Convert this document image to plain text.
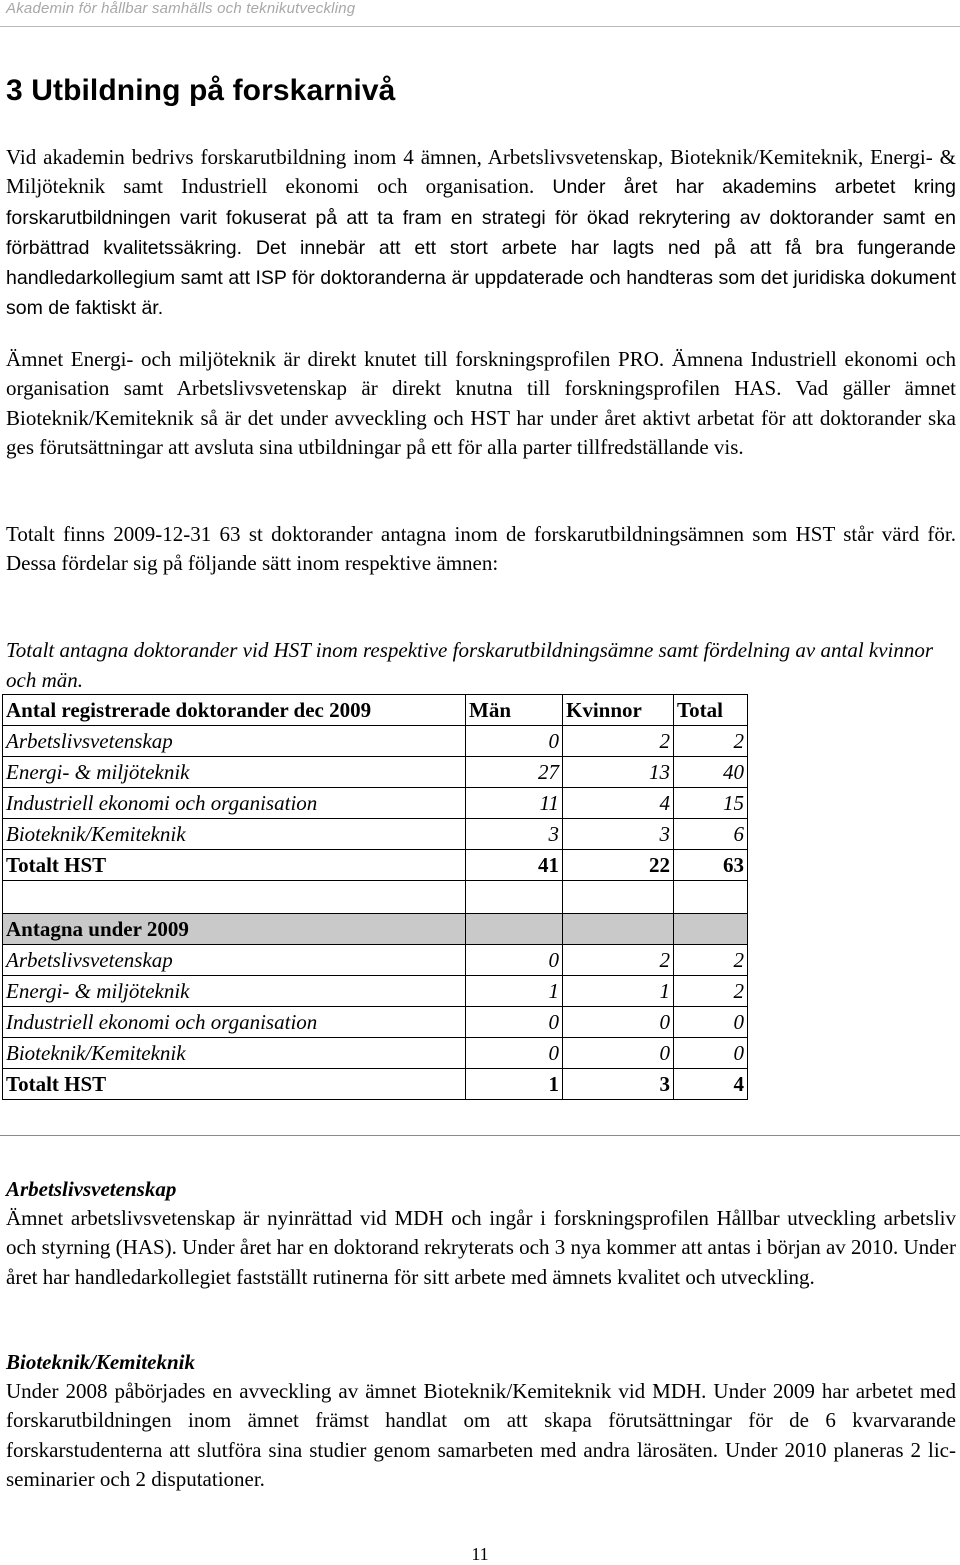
Akademin för hållbar samhälls och teknikutveckling
3 Utbildning på forskarnivå

Vid akademin bedrivs forskarutbildning inom 4 ämnen, Arbetslivsvetenskap, Bioteknik/Kemiteknik, Energi- & Miljöteknik samt Industriell ekonomi och organisation. Under året har akademins arbetet kring forskarutbildningen varit fokuserat på att ta fram en strategi för ökad rekrytering av doktorander samt en förbättrad kvalitetssäkring. Det innebär att ett stort arbete har lagts ned på att få bra fungerande handledarkollegium samt att ISP för doktoranderna är uppdaterade och handteras som det juridiska dokument som de faktiskt är.

Ämnet Energi- och miljöteknik är direkt knutet till forskningsprofilen PRO. Ämnena Industriell ekonomi och organisation samt Arbetslivsvetenskap är direkt knutna till forskningsprofilen HAS. Vad gäller ämnet Bioteknik/Kemiteknik så är det under avveckling och HST har under året aktivt arbetat för att doktorander ska ges förutsättningar att avsluta sina utbildningar på ett för alla parter tillfredställande vis.

Totalt finns 2009-12-31 63 st doktorander antagna inom de forskarutbildningsämnen som HST står värd för. Dessa fördelar sig på följande sätt inom respektive ämnen:

Totalt antagna doktorander vid HST inom respektive forskarutbildningsämne samt fördelning av antal kvinnor och män.

Antal registrerade doktorander dec 2009	Män	Kvinnor	Total
Arbetslivsvetenskap	0	2	2
Energi- & miljöteknik	27	13	40
Industriell ekonomi och organisation	11	4	15
Bioteknik/Kemiteknik	3	3	6
Totalt HST	41	22	63

Antagna under 2009			
Arbetslivsvetenskap	0	2	2
Energi- & miljöteknik	1	1	2
Industriell ekonomi och organisation	0	0	0
Bioteknik/Kemiteknik	0	0	0
Totalt HST	1	3	4

Arbetslivsvetenskap

Ämnet arbetslivsvetenskap är nyinrättad vid MDH och ingår i forskningsprofilen Hållbar utveckling arbetsliv och styrning (HAS). Under året har en doktorand rekryterats och 3 nya kommer att antas i början av 2010. Under året har handledarkollegiet fastställt rutinerna för sitt arbete med ämnets kvalitet och utveckling.

Bioteknik/Kemiteknik

Under 2008 påbörjades en avveckling av ämnet Bioteknik/Kemiteknik vid MDH. Under 2009 har arbetet med forskarutbildningen inom ämnet främst handlat om att skapa förutsättningar för de 6 kvarvarande forskarstudenterna att slutföra sina studier genom samarbeten med andra lärosäten. Under 2010 planeras 2 lic-seminarier och 2 disputationer.

11
